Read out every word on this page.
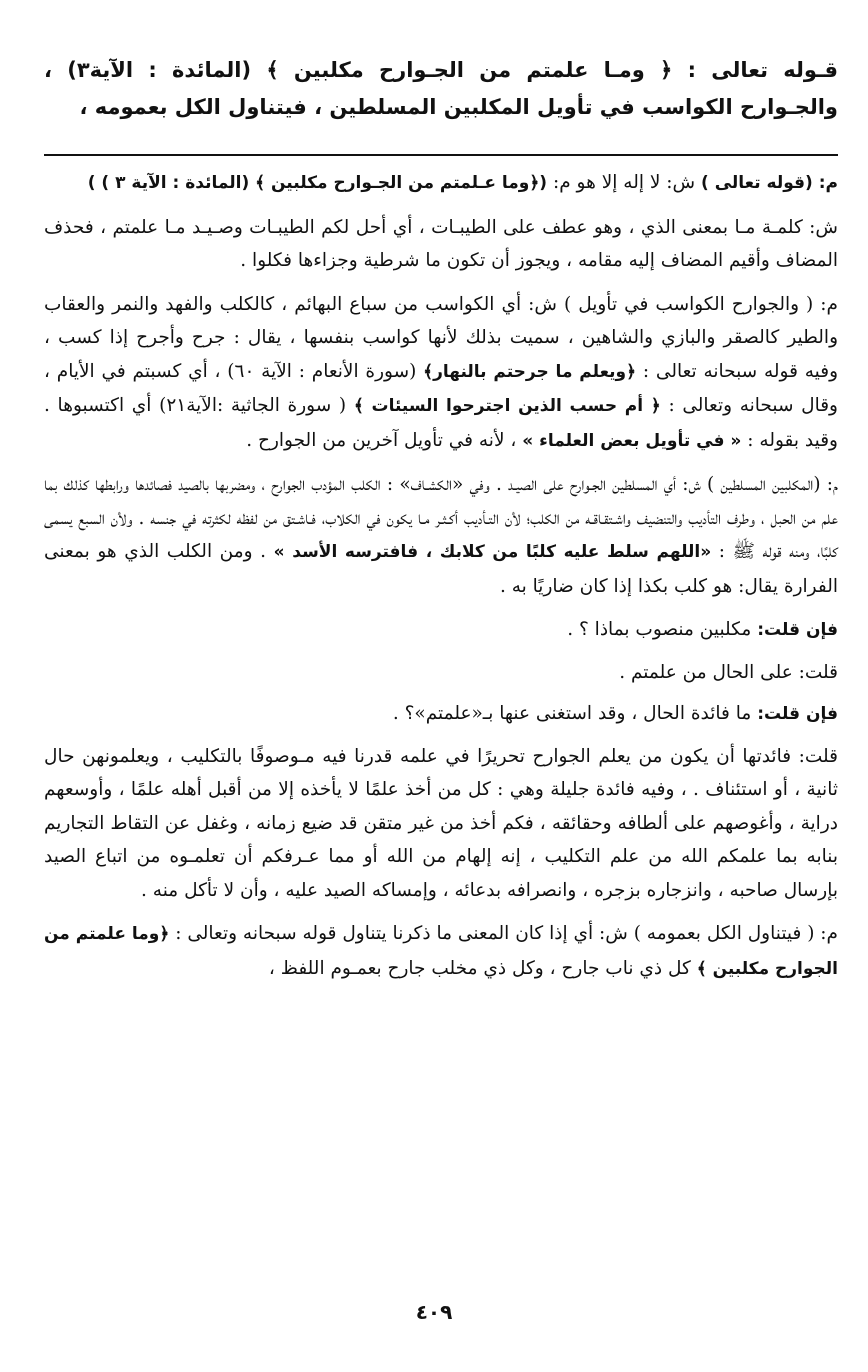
قـوله تعالى : ﴿ ومـا علمتم من الجـوارح مكلبين ﴾ (المائدة : الآية٣) ، والجـوارح الكواسب في تأويل المكلبين المسلطين ، فيتناول الكل بعمومه ،

م: (قوله تعالى ) ش: لا إله إلا هو م: (﴿وما عـلمتم من الجـوارح مكلبين ﴾ (المائدة : الآية ٣ ) )

ش: كلمـة مـا بمعنى الذي ، وهو عطف على الطيبـات ، أي أحل لكم الطيبـات وصـيـد مـا علمتم ، فحذف المضاف وأقيم المضاف إليه مقامه ، ويجوز أن تكون ما شرطية وجزاءها فكلوا .

م: ( والجوارح الكواسب في تأويل ) ش: أي الكواسب من سباع البهائم ، كالكلب والفهد والنمر والعقاب والطير كالصقر والبازي والشاهين ، سميت بذلك لأنها كواسب بنفسها ، يقال : جرح وأجرح إذا كسب ، وفيه قوله سبحانه تعالى : ﴿ويعلم ما جرحتم بالنهار﴾ (سورة الأنعام : الآية ٦٠) ، أي كسبتم في الأيام ، وقال سبحانه وتعالى : ﴿ أم حسب الذين اجترحوا السيئات ﴾ ( سورة الجاثية :الآية٢١) أي اكتسبوها . وقيد بقوله : « في تأويل بعض العلماء » ، لأنه في تأويل آخرين من الجوارح .

م: (المكلبين المسلطين ) ش: أي المسلطين الجـوارح على الصيـد . وفي «الكشـاف» : الكلب المؤدب الجوارح ، ومضربها بالصيد فصائدها ورابطها كذلك بما علم من الحبل ، وطرف التأديب والتنضيف واشـتقـاقـه من الكلب؛ لأن التـأديب أكـثـر مـا يكون في الكلاب، فـاشـتق من لفظه لكثرته في جنسه . ولأن السبع يسمى كلبًا، ومنه قوله ﷺ : «اللهم سلط عليه كلبًا من كلابك ، فافترسه الأسد » . ومن الكلب الذي هو بمعنى الفرارة يقال: هو كلب بكذا إذا كان ضاريًا به .

فإن قلت: مكلبين منصوب بماذا ؟ .

قلت: على الحال من علمتم .

فإن قلت: ما فائدة الحال ، وقد استغنى عنها بـ«علمتم»؟ .

قلت: فائدتها أن يكون من يعلم الجوارح تحريرًا في علمه قدرنا فيه مـوصوفًا بالتكليب ، ويعلمونهن حال ثانية ، أو استئناف . ، وفيه فائدة جليلة وهي : كل من أخذ علمًا لا يأخذه إلا من أقبل أهله علمًا ، وأوسعهم دراية ، وأغوصهم على ألطافه وحقائقه ، فكم أخذ من غير متقن قد ضيع زمانه ، وغفل عن التقاط التجاريم بنابه بما علمكم الله من علم التكليب ، إنه إلهام من الله أو مما عـرفكم أن تعلمـوه من اتباع الصيد بإرسال صاحبه ، وانزجاره بزجره ، وانصرافه بدعائه ، وإمساكه الصيد عليه ، وأن لا تأكل منه .

م: ( فيتناول الكل بعمومه ) ش: أي إذا كان المعنى ما ذكرنا يتناول قوله سبحانه وتعالى : ﴿وما علمتم من الجوارح مكلبين ﴾ كل ذي ناب جارح ، وكل ذي مخلب جارح بعمـوم اللفظ ،

٤٠٩
